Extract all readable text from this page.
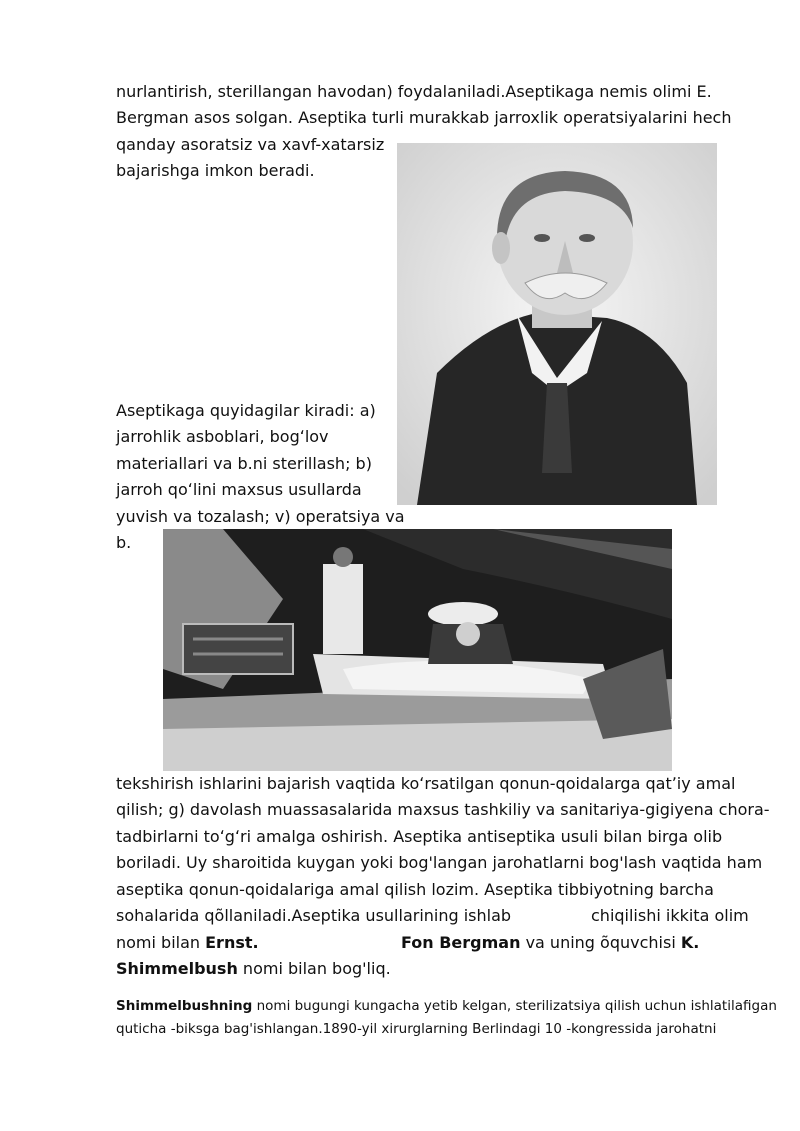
nurlantirish, sterillangan havodan) foydalaniladi.Aseptikaga nemis olimi E.
Bergman asos solgan. Aseptika turli murakkab jarroxlik operatsiyalarini hech
qanday asoratsiz va xavf-xatarsiz
bajarishga imkon beradi.
Aseptikaga quyidagilar kiradi: a)
jarrohlik asboblari, bogʻlov
materiallari va b.ni sterillash; b)
jarroh qoʻlini maxsus usullarda
yuvish va tozalash; v) operatsiya va
b.
tekshirish ishlarini bajarish vaqtida koʻrsatilgan qonun-qoidalarga qatʼiy amal
qilish; g) davolash muassasalarida maxsus tashkiliy va sanitariya-gigiyena chora-
tadbirlarni toʻgʻri amalga oshirish. Aseptika antiseptika usuli bilan birga olib
boriladi. Uy sharoitida kuygan yoki bog'langan jarohatlarni bog'lash vaqtida ham
aseptika qonun-qoidalariga amal qilish lozim. Aseptika tibbiyotning barcha
sohalarida qõllaniladi.Aseptika usullarining ishlab	chiqilishi ikkita olim
nomi bilan Ernst.	Fon Bergman va uning õquvchisi K.
Shimmelbush nomi bilan bog'liq.
Shimmelbushning nomi bugungi kungacha yetib kelgan, sterilizatsiya qilish uchun ishlatilafigan
quticha -biksga bag'ishlangan.1890-yil xirurglarning Berlindagi 10 -kongressida jarohatni
